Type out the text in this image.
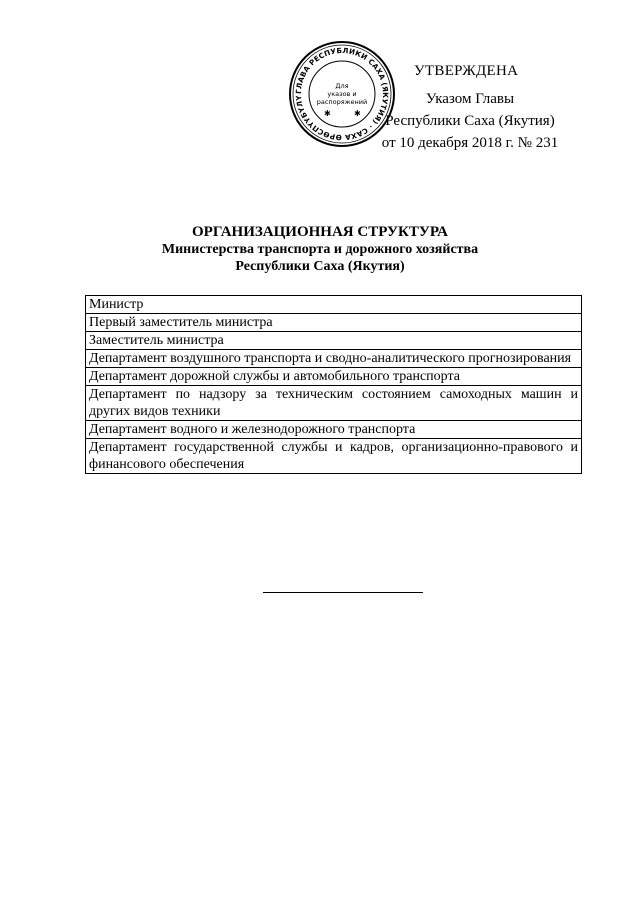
ГЛАВА РЕСПУБЛИКИ САХА (ЯКУТИЯ) · САХА ӨРӨСПҮҮБҮЛҮ
Для
указов и
распоряжений
✱	✱
УТВЕРЖДЕНА
Указом Главы
Республики Саха (Якутия)
от 10 декабря 2018 г. № 231
ОРГАНИЗАЦИОННАЯ СТРУКТУРА
Министерства транспорта и дорожного хозяйства
Республики Саха (Якутия)
Министр
Первый заместитель министра
Заместитель министра
Департамент воздушного транспорта и сводно-аналитического прогнозирования
Департамент дорожной службы и автомобильного транспорта
Департамент по надзору за техническим состоянием самоходных машин и других видов техники
Департамент водного и железнодорожного транспорта
Департамент государственной службы и кадров, организационно-правового и финансового обеспечения
